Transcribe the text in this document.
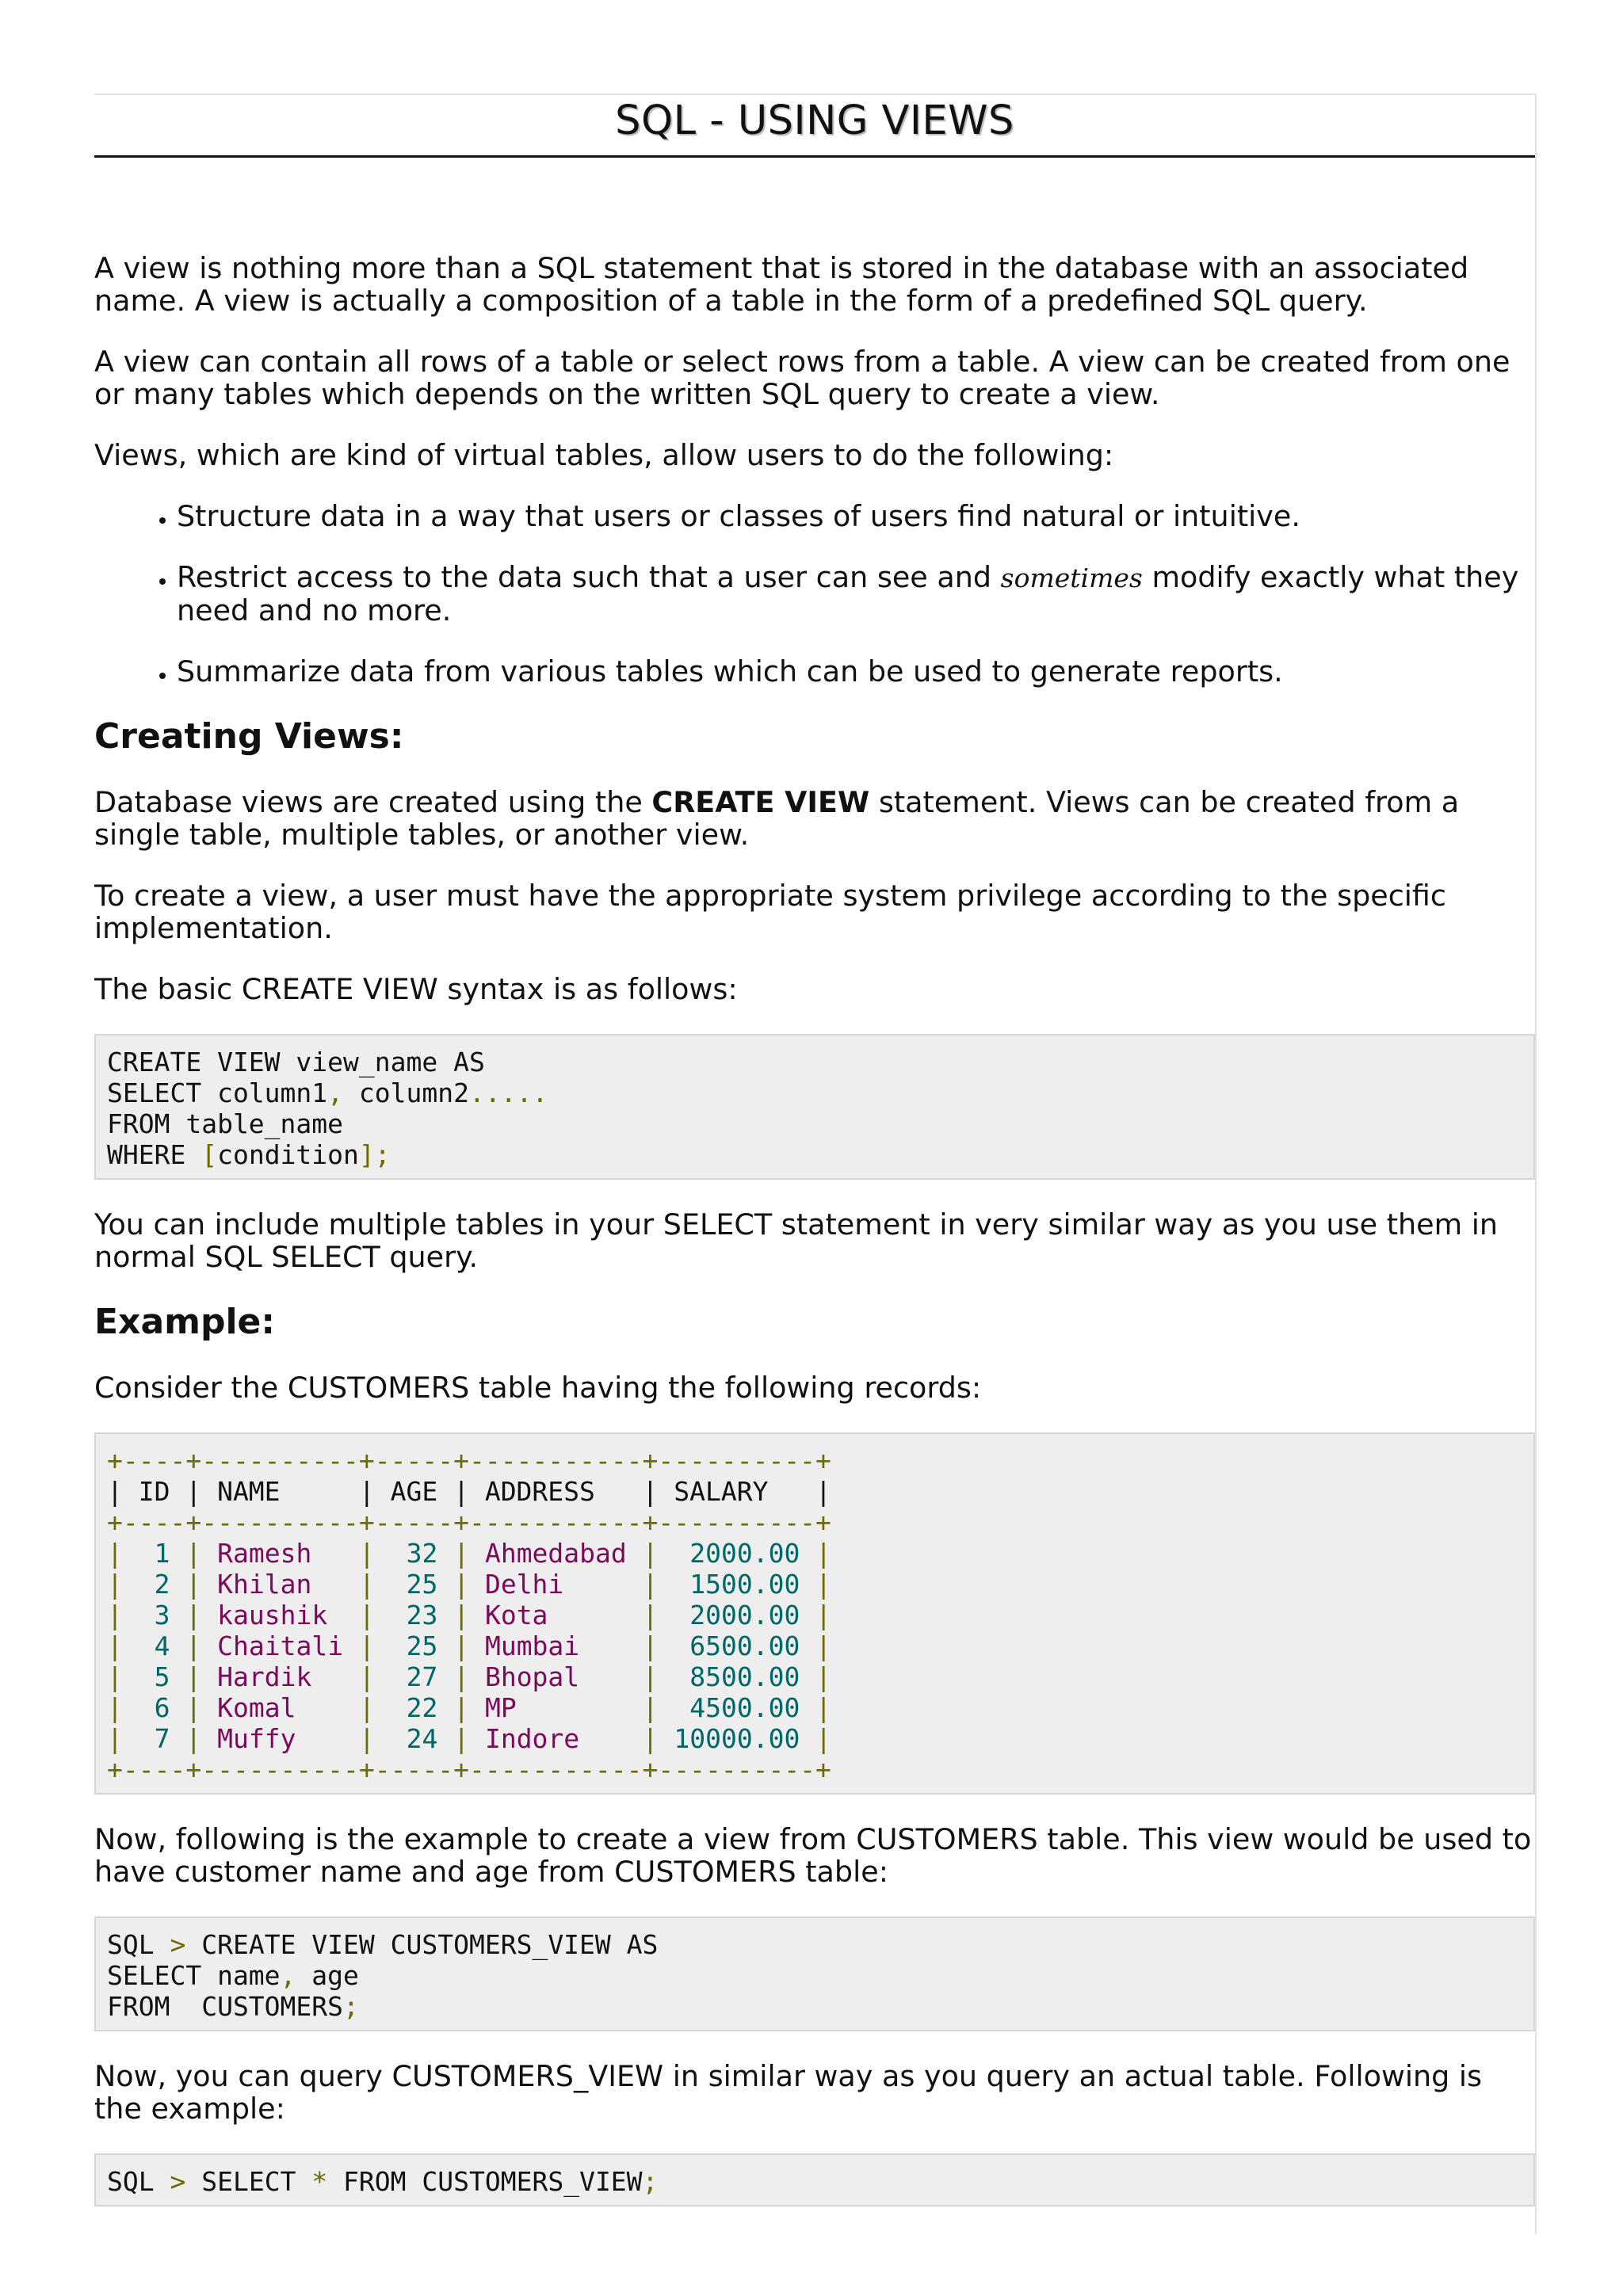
SQL - USING VIEWS

A view is nothing more than a SQL statement that is stored in the database with an associated name. A view is actually a composition of a table in the form of a predefined SQL query.

A view can contain all rows of a table or select rows from a table. A view can be created from one or many tables which depends on the written SQL query to create a view.

Views, which are kind of virtual tables, allow users to do the following:

• Structure data in a way that users or classes of users find natural or intuitive.
• Restrict access to the data such that a user can see and sometimes modify exactly what they need and no more.
• Summarize data from various tables which can be used to generate reports.
Creating Views:

Database views are created using the CREATE VIEW statement. Views can be created from a single table, multiple tables, or another view.

To create a view, a user must have the appropriate system privilege according to the specific implementation.

The basic CREATE VIEW syntax is as follows:

CREATE VIEW view_name AS
SELECT column1, column2.....
FROM table_name
WHERE [condition];

You can include multiple tables in your SELECT statement in very similar way as you use them in normal SQL SELECT query.

Example:

Consider the CUSTOMERS table having the following records:

+----+----------+-----+-----------+----------+
| ID | NAME     | AGE | ADDRESS   | SALARY   |
+----+----------+-----+-----------+----------+
| 1 | Ramesh | 32 | Ahmedabad | 2000.00 |
| 2 | Khilan | 25 | Delhi	| 1500.00 |
| 3 | kaushik | 23 | Kota	| 2000.00 |
| 4 | Chaitali | 25 | Mumbai | 6500.00 |
| 5 | Hardik | 27 | Bhopal | 8500.00 |
| 6 | Komal | 22 | MP	| 4500.00 |
| 7 | Muffy | 24 | Indore | 10000.00 |
+----+----------+-----+-----------+----------+

Now, following is the example to create a view from CUSTOMERS table. This view would be used to have customer name and age from CUSTOMERS table:

SQL > CREATE VIEW CUSTOMERS_VIEW AS
SELECT name, age
FROM  CUSTOMERS;

Now, you can query CUSTOMERS_VIEW in similar way as you query an actual table. Following is the example:

SQL > SELECT * FROM CUSTOMERS_VIEW;
